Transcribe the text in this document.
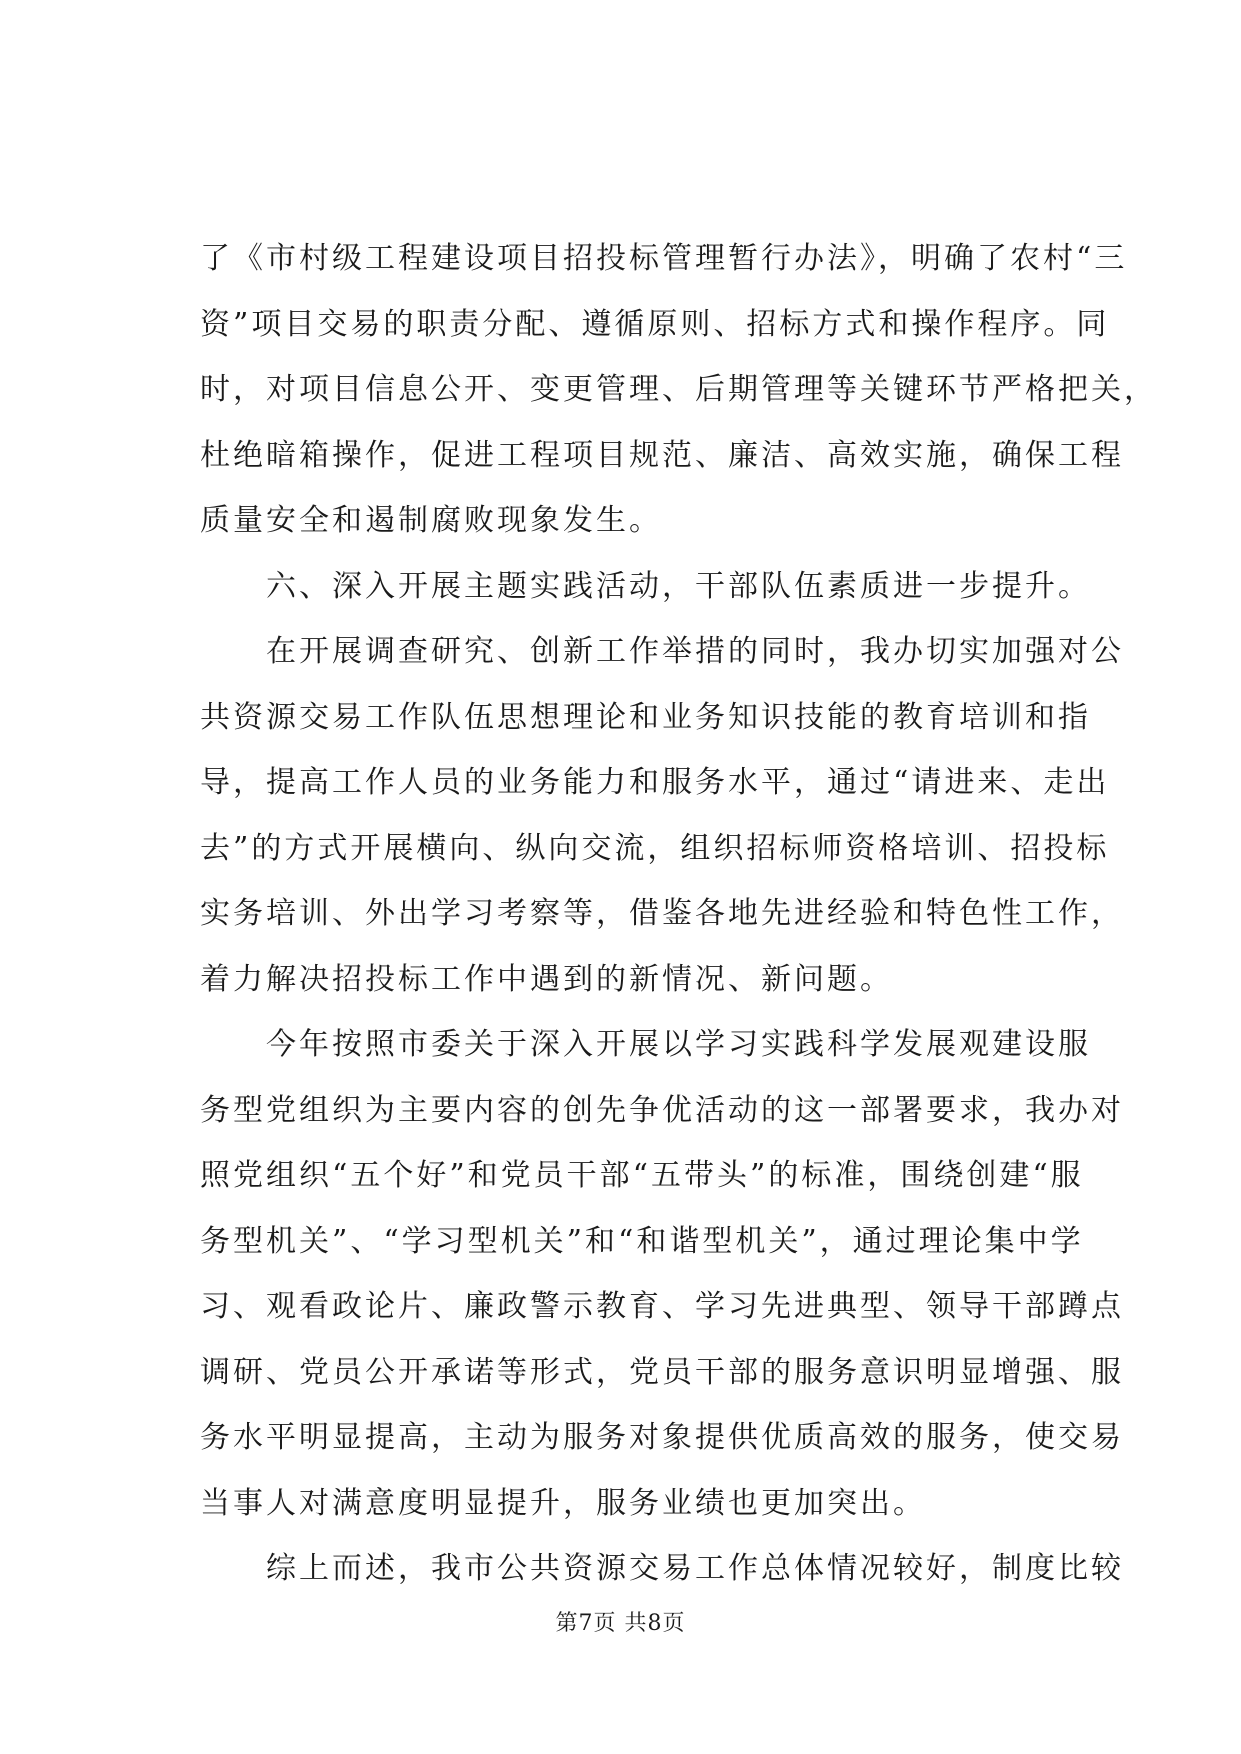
了《市村级工程建设项目招投标管理暂行办法》，明确了农村“三
资”项目交易的职责分配、遵循原则、招标方式和操作程序。同
时，对项目信息公开、变更管理、后期管理等关键环节严格把关，
杜绝暗箱操作，促进工程项目规范、廉洁、高效实施，确保工程
质量安全和遏制腐败现象发生。
　　六、深入开展主题实践活动，干部队伍素质进一步提升。
　　在开展调查研究、创新工作举措的同时，我办切实加强对公
共资源交易工作队伍思想理论和业务知识技能的教育培训和指
导，提高工作人员的业务能力和服务水平，通过“请进来、走出
去”的方式开展横向、纵向交流，组织招标师资格培训、招投标
实务培训、外出学习考察等，借鉴各地先进经验和特色性工作，
着力解决招投标工作中遇到的新情况、新问题。
　　今年按照市委关于深入开展以学习实践科学发展观建设服
务型党组织为主要内容的创先争优活动的这一部署要求，我办对
照党组织“五个好”和党员干部“五带头”的标准，围绕创建“服
务型机关”、“学习型机关”和“和谐型机关”，通过理论集中学
习、观看政论片、廉政警示教育、学习先进典型、领导干部蹲点
调研、党员公开承诺等形式，党员干部的服务意识明显增强、服
务水平明显提高，主动为服务对象提供优质高效的服务，使交易
当事人对满意度明显提升，服务业绩也更加突出。
　　综上而述，我市公共资源交易工作总体情况较好，制度比较
第7页 共8页
